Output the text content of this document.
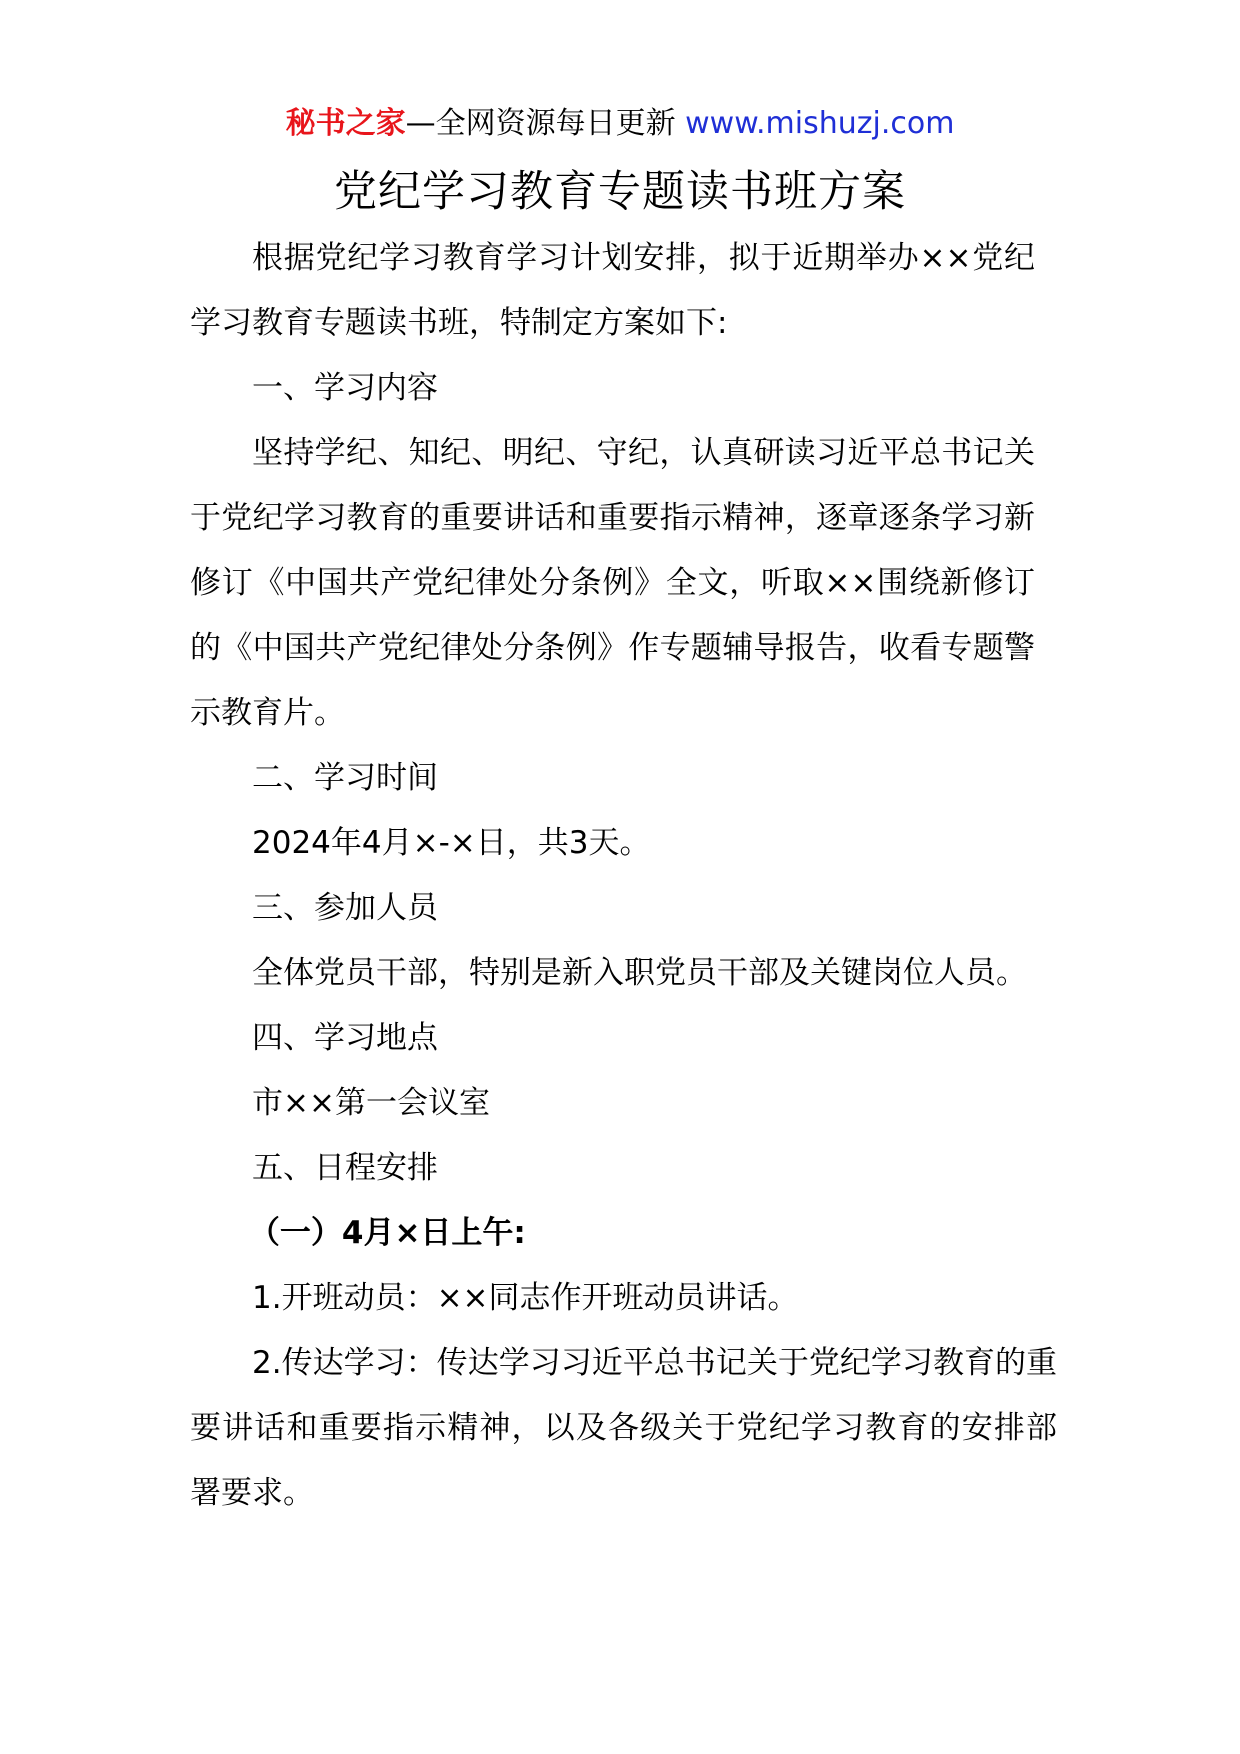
秘书之家—全网资源每日更新 www.mishuzj.com
党纪学习教育专题读书班方案

根据党纪学习教育学习计划安排，拟于近期举办××党纪学习教育专题读书班，特制定方案如下:

一、学习内容

坚持学纪、知纪、明纪、守纪，认真研读习近平总书记关于党纪学习教育的重要讲话和重要指示精神，逐章逐条学习新修订《中国共产党纪律处分条例》全文，听取××围绕新修订的《中国共产党纪律处分条例》作专题辅导报告，收看专题警示教育片。

二、学习时间

2024年4月×-×日，共3天。

三、参加人员

全体党员干部，特别是新入职党员干部及关键岗位人员。

四、学习地点

市××第一会议室

五、日程安排

（一）4月×日上午:

1.开班动员：××同志作开班动员讲话。

2.传达学习：传达学习习近平总书记关于党纪学习教育的重要讲话和重要指示精神，以及各级关于党纪学习教育的安排部署要求。
